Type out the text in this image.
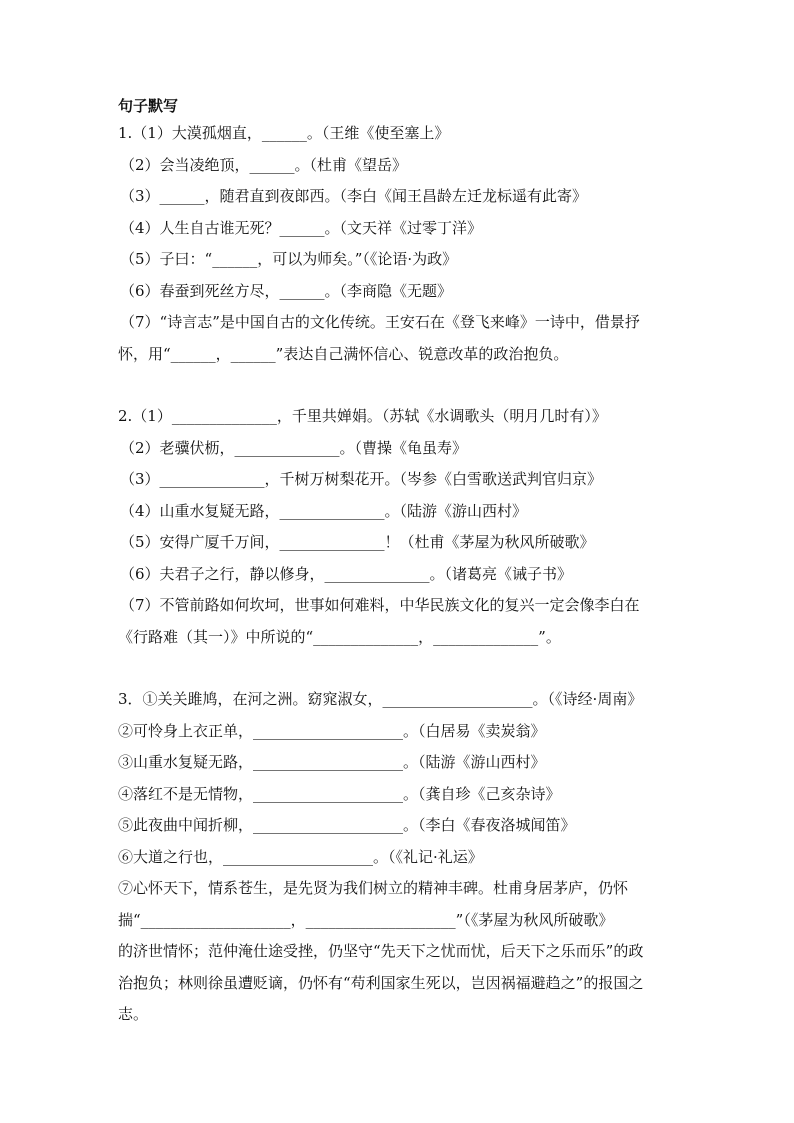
句子默写
1.（1）大漠孤烟直，______。（王维《使至塞上》
（2）会当凌绝顶，______。（杜甫《望岳》
（3）______，随君直到夜郎西。（李白《闻王昌龄左迁龙标遥有此寄》
（4）人生自古谁无死？______。（文天祥《过零丁洋》
（5）子曰：“______，可以为师矣。”（《论语·为政》
（6）春蚕到死丝方尽，______。（李商隐《无题》
（7）“诗言志”是中国自古的文化传统。王安石在《登飞来峰》一诗中，借景抒
怀，用“______，______”表达自己满怀信心、锐意改革的政治抱负。
2.（1）______________，千里共婵娟。（苏轼《水调歌头（明月几时有）》
（2）老骥伏枥，______________。（曹操《龟虽寿》
（3）______________，千树万树梨花开。（岑参《白雪歌送武判官归京》
（4）山重水复疑无路，______________。（陆游《游山西村》
（5）安得广厦千万间，______________！（杜甫《茅屋为秋风所破歌》
（6）夫君子之行，静以修身，______________。（诸葛亮《诫子书》
（7）不管前路如何坎坷，世事如何难料，中华民族文化的复兴一定会像李白在
《行路难（其一）》中所说的“______________，______________”。
3．①关关雎鸠，在河之洲。窈窕淑女，____________________。（《诗经·周南》
②可怜身上衣正单，____________________。（白居易《卖炭翁》
③山重水复疑无路，____________________。（陆游《游山西村》
④落红不是无情物，____________________。（龚自珍《己亥杂诗》
⑤此夜曲中闻折柳，____________________。（李白《春夜洛城闻笛》
⑥大道之行也，____________________。（《礼记·礼运》
⑦心怀天下，情系苍生，是先贤为我们树立的精神丰碑。杜甫身居茅庐，仍怀
揣“____________________，____________________”（《茅屋为秋风所破歌》
的济世情怀；范仲淹仕途受挫，仍坚守“先天下之忧而忧，后天下之乐而乐”的政
治抱负；林则徐虽遭贬谪，仍怀有“苟利国家生死以，岂因祸福避趋之”的报国之
志。
